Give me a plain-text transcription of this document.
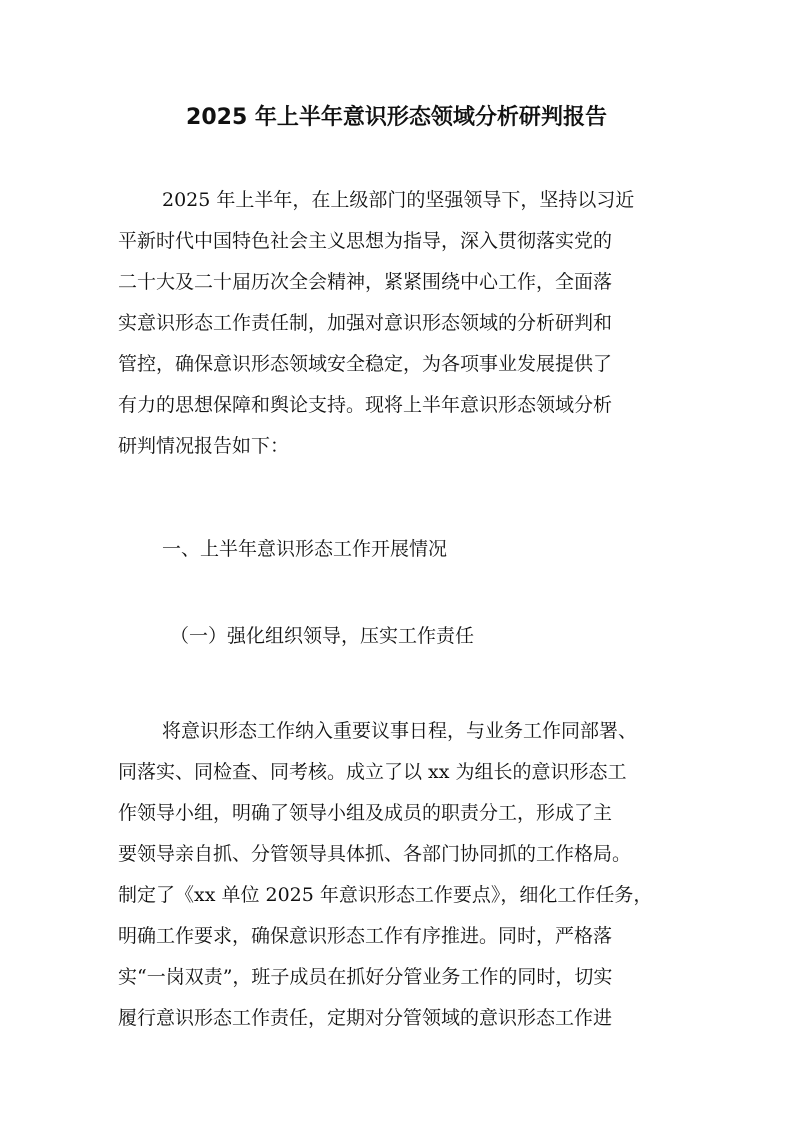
2025 年上半年意识形态领域分析研判报告
2025 年上半年，在上级部门的坚强领导下，坚持以习近
平新时代中国特色社会主义思想为指导，深入贯彻落实党的
二十大及二十届历次全会精神，紧紧围绕中心工作，全面落
实意识形态工作责任制，加强对意识形态领域的分析研判和
管控，确保意识形态领域安全稳定，为各项事业发展提供了
有力的思想保障和舆论支持。现将上半年意识形态领域分析
研判情况报告如下：
一、上半年意识形态工作开展情况
（一）强化组织领导，压实工作责任
将意识形态工作纳入重要议事日程，与业务工作同部署、
同落实、同检查、同考核。成立了以 xx 为组长的意识形态工
作领导小组，明确了领导小组及成员的职责分工，形成了主
要领导亲自抓、分管领导具体抓、各部门协同抓的工作格局。
制定了《xx 单位 2025 年意识形态工作要点》，细化工作任务，
明确工作要求，确保意识形态工作有序推进。同时，严格落
实“一岗双责”，班子成员在抓好分管业务工作的同时，切实
履行意识形态工作责任，定期对分管领域的意识形态工作进
